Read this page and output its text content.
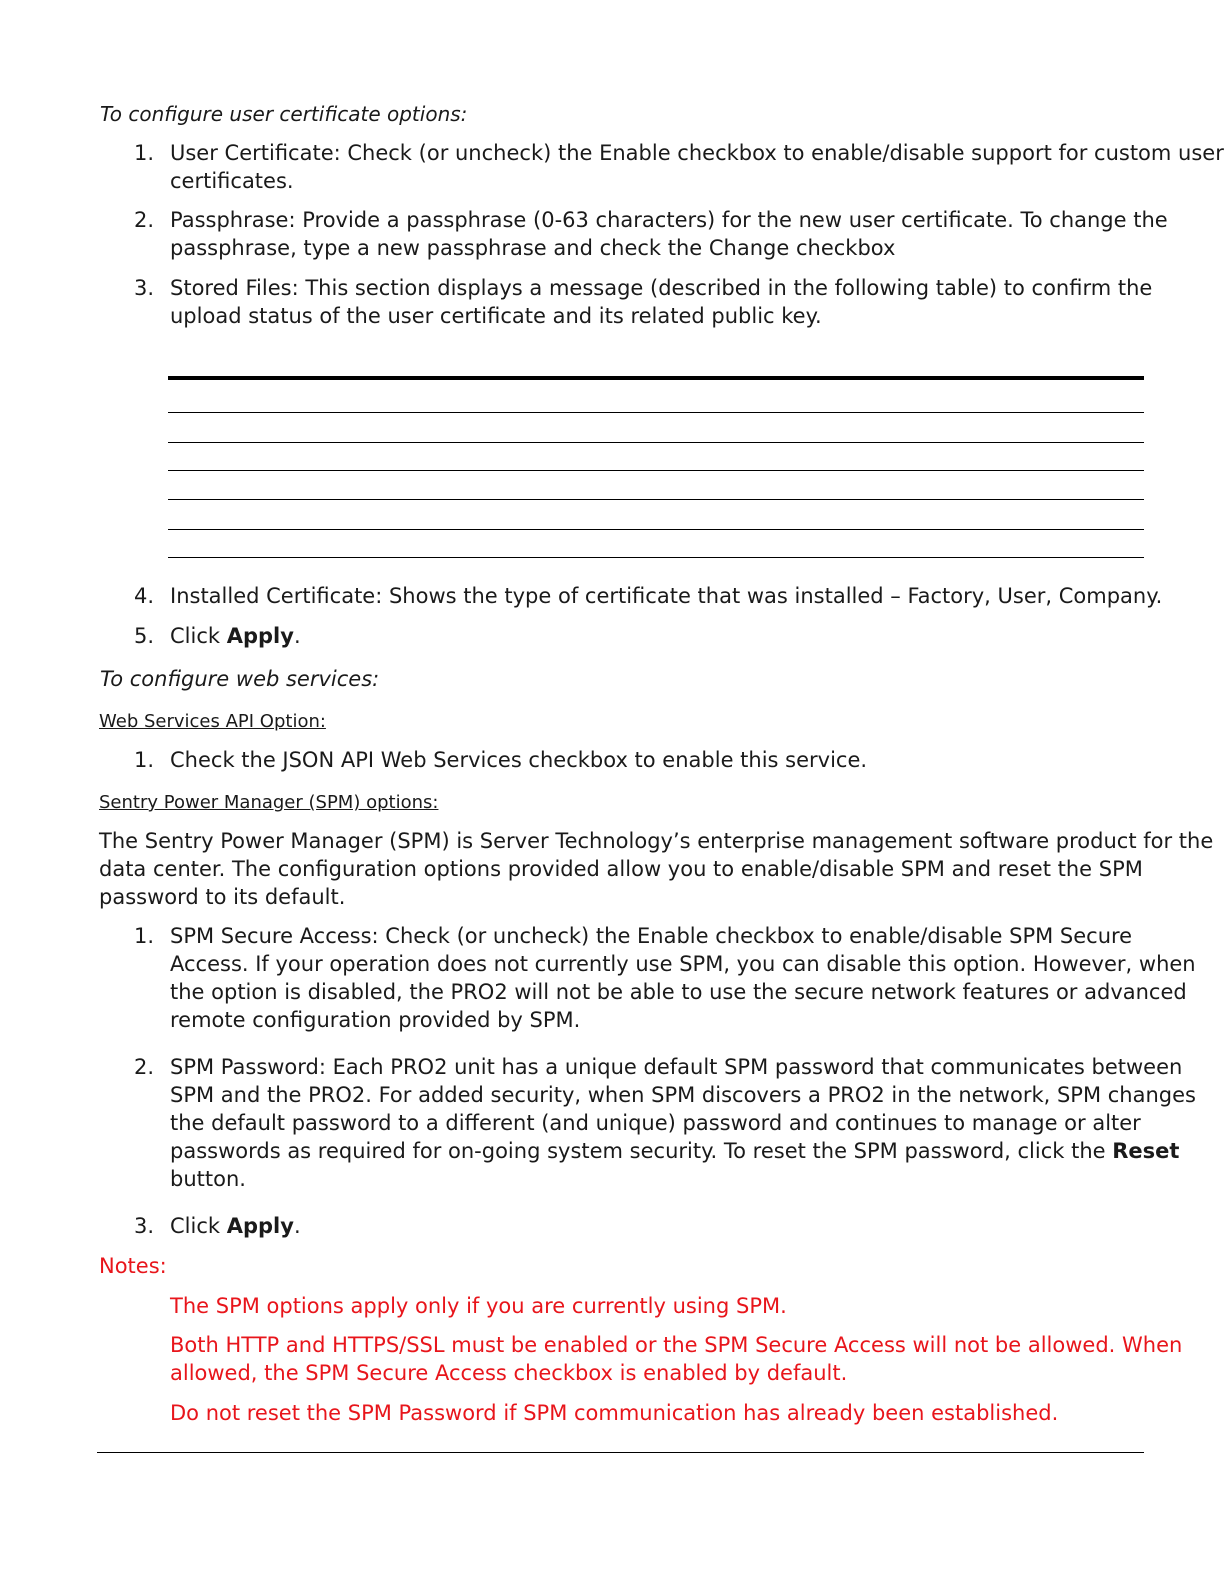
To configure user certificate options:
1. User Certificate: Check (or uncheck) the Enable checkbox to enable/disable support for custom user
certificates.
2. Passphrase: Provide a passphrase (0-63 characters) for the new user certificate. To change the
passphrase, type a new passphrase and check the Change checkbox
3. Stored Files: This section displays a message (described in the following table) to confirm the
upload status of the user certificate and its related public key.
4. Installed Certificate: Shows the type of certificate that was installed – Factory, User, Company.
5. Click Apply.
To configure web services:
Web Services API Option:
1. Check the JSON API Web Services checkbox to enable this service.
Sentry Power Manager (SPM) options:
The Sentry Power Manager (SPM) is Server Technology’s enterprise management software product for the
data center. The configuration options provided allow you to enable/disable SPM and reset the SPM
password to its default.
1. SPM Secure Access: Check (or uncheck) the Enable checkbox to enable/disable SPM Secure
Access. If your operation does not currently use SPM, you can disable this option. However, when
the option is disabled, the PRO2 will not be able to use the secure network features or advanced
remote configuration provided by SPM.
2. SPM Password: Each PRO2 unit has a unique default SPM password that communicates between
SPM and the PRO2. For added security, when SPM discovers a PRO2 in the network, SPM changes
the default password to a different (and unique) password and continues to manage or alter
passwords as required for on-going system security. To reset the SPM password, click the Reset
button.
3. Click Apply.
Notes:
The SPM options apply only if you are currently using SPM.
Both HTTP and HTTPS/SSL must be enabled or the SPM Secure Access will not be allowed. When
allowed, the SPM Secure Access checkbox is enabled by default.
Do not reset the SPM Password if SPM communication has already been established.
